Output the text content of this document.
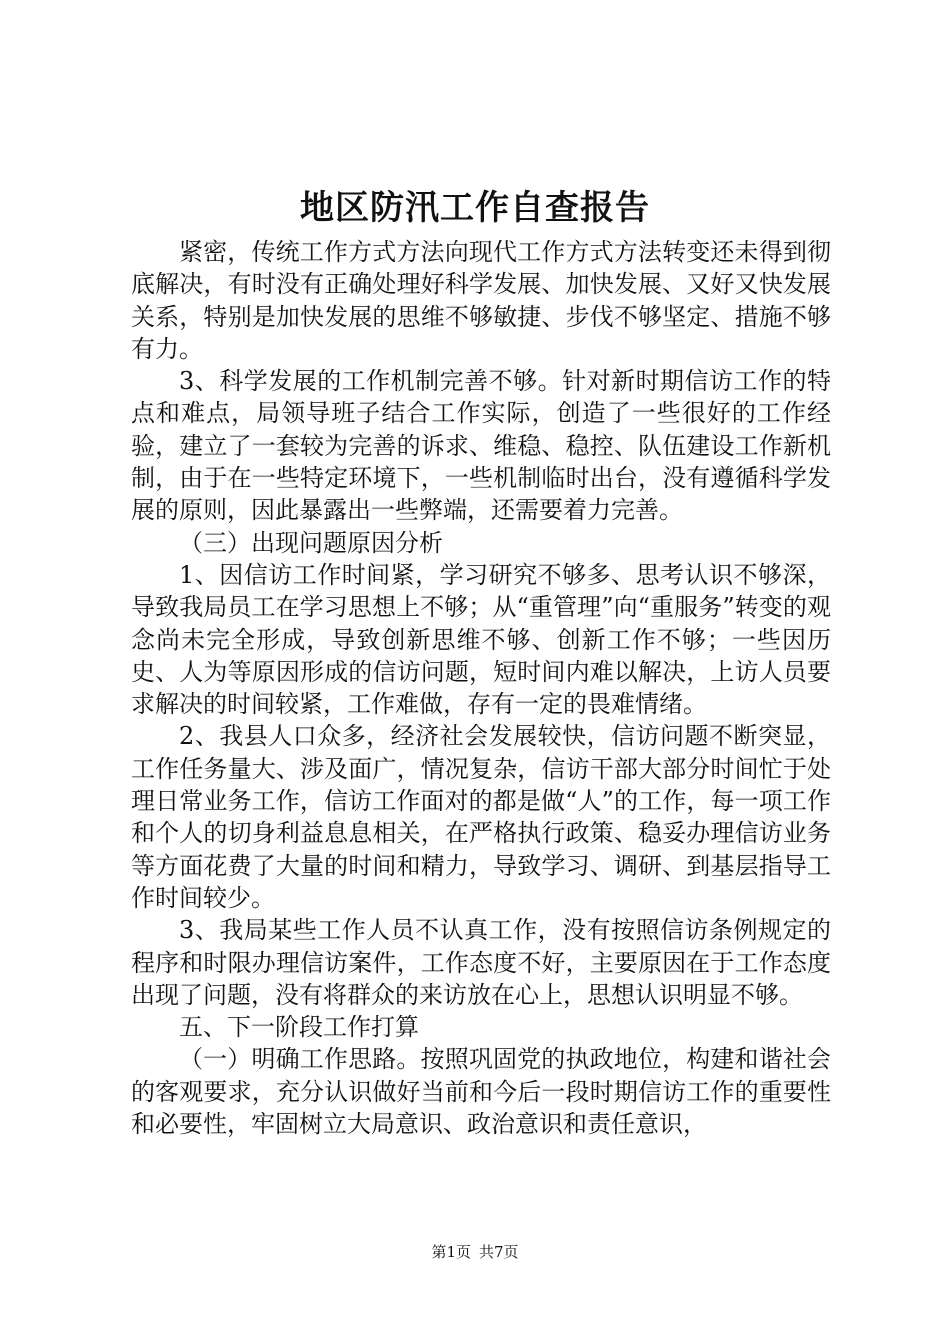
地区防汛工作自查报告

紧密，传统工作方式方法向现代工作方式方法转变还未得到彻底解决，有时没有正确处理好科学发展、加快发展、又好又快发展关系，特别是加快发展的思维不够敏捷、步伐不够坚定、措施不够有力。

3、科学发展的工作机制完善不够。针对新时期信访工作的特点和难点，局领导班子结合工作实际，创造了一些很好的工作经验，建立了一套较为完善的诉求、维稳、稳控、队伍建设工作新机制，由于在一些特定环境下，一些机制临时出台，没有遵循科学发展的原则，因此暴露出一些弊端，还需要着力完善。

（三）出现问题原因分析

1、因信访工作时间紧，学习研究不够多、思考认识不够深，导致我局员工在学习思想上不够；从“重管理”向“重服务”转变的观念尚未完全形成，导致创新思维不够、创新工作不够；一些因历史、人为等原因形成的信访问题，短时间内难以解决，上访人员要求解决的时间较紧，工作难做，存有一定的畏难情绪。

2、我县人口众多，经济社会发展较快，信访问题不断突显，工作任务量大、涉及面广，情况复杂，信访干部大部分时间忙于处理日常业务工作，信访工作面对的都是做“人”的工作，每一项工作和个人的切身利益息息相关，在严格执行政策、稳妥办理信访业务等方面花费了大量的时间和精力，导致学习、调研、到基层指导工作时间较少。

3、我局某些工作人员不认真工作，没有按照信访条例规定的程序和时限办理信访案件，工作态度不好，主要原因在于工作态度出现了问题，没有将群众的来访放在心上，思想认识明显不够。

五、下一阶段工作打算

（一）明确工作思路。按照巩固党的执政地位，构建和谐社会的客观要求，充分认识做好当前和今后一段时期信访工作的重要性和必要性，牢固树立大局意识、政治意识和责任意识，

第1页 共7页
